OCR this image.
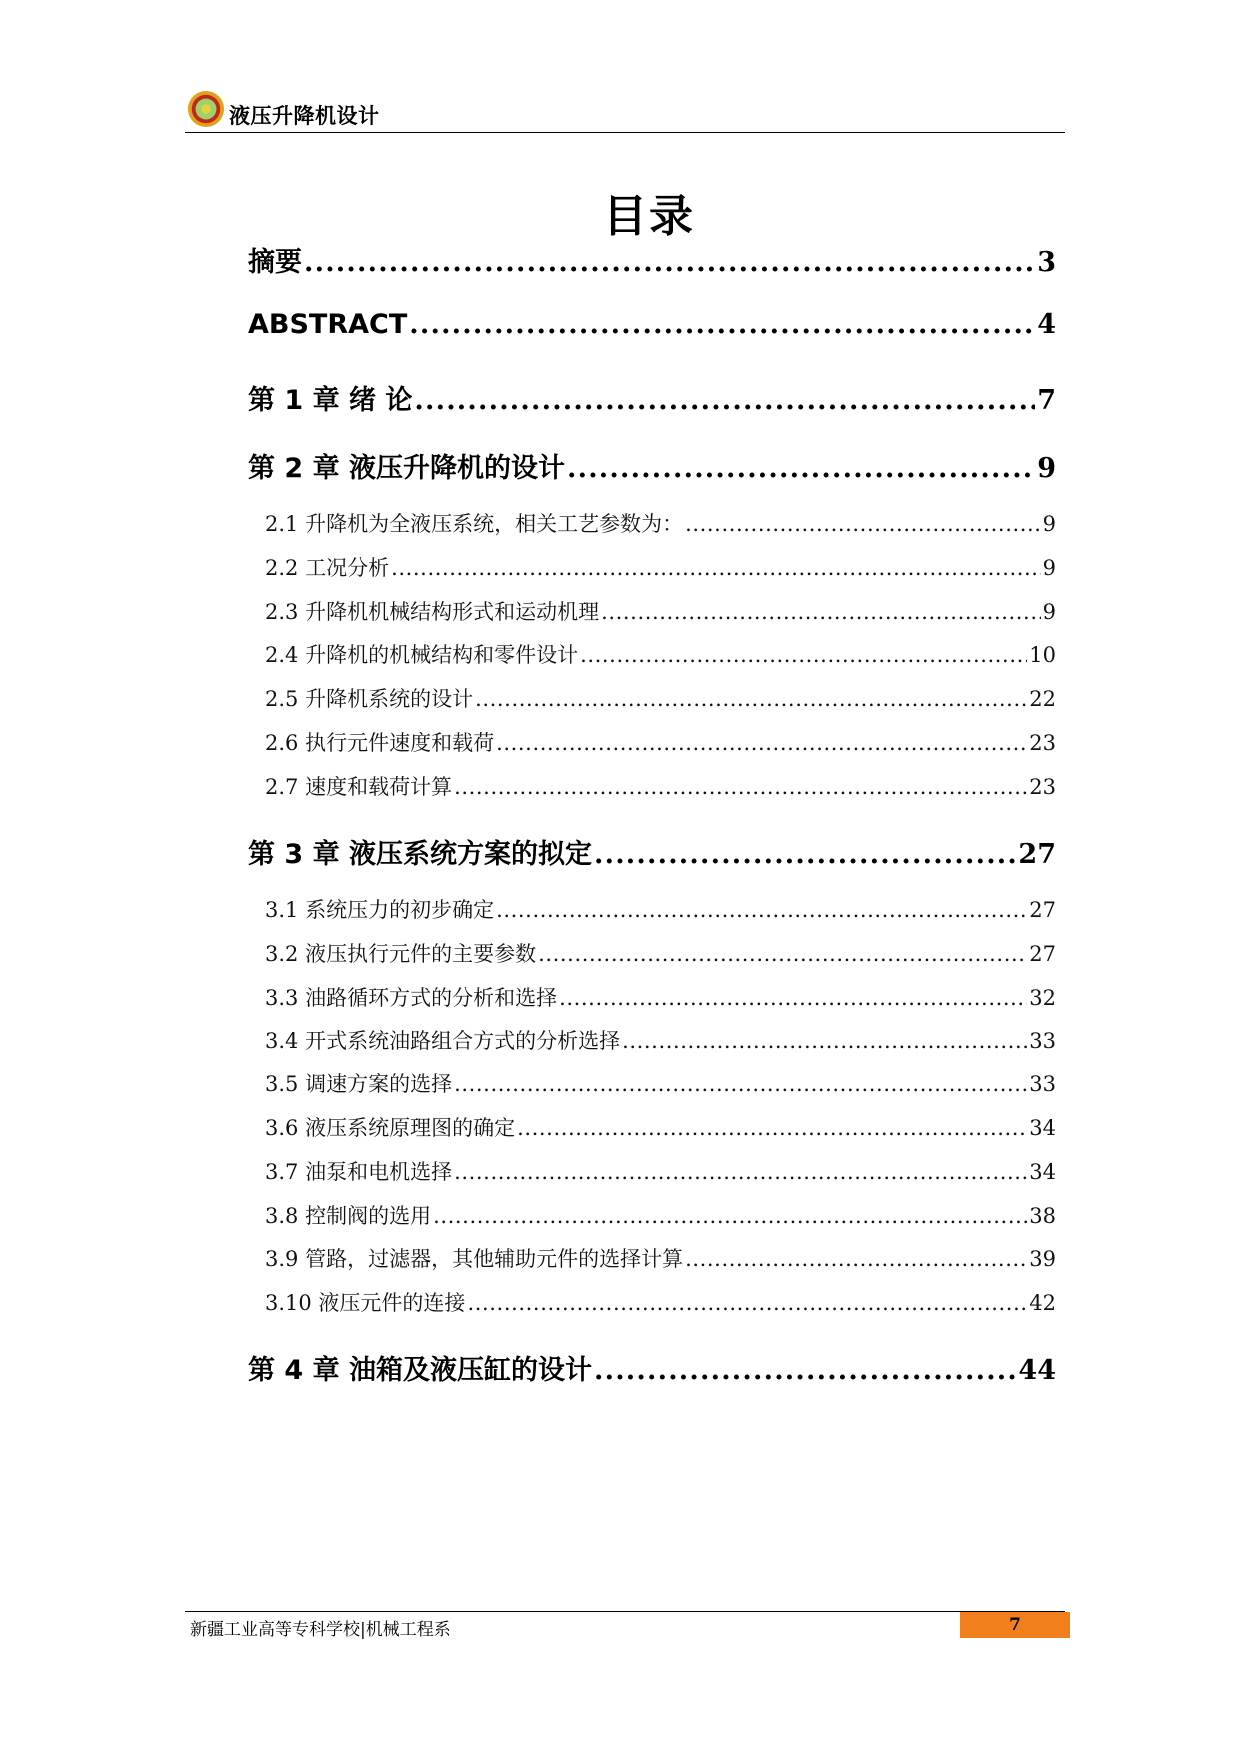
液压升降机设计
目录
摘要 .....	3
ABSTRACT .....	4
第 1 章 绪 论 .....	7
第 2 章 液压升降机的设计 .....	9
2.1 升降机为全液压系统，相关工艺参数为： .....	9
2.2 工况分析 .....	9
2.3 升降机机械结构形式和运动机理 .....	9
2.4 升降机的机械结构和零件设计 .....	10
2.5 升降机系统的设计 .....	22
2.6 执行元件速度和载荷 .....	23
2.7 速度和载荷计算 .....	23
第 3 章 液压系统方案的拟定 .....	27
3.1 系统压力的初步确定 .....	27
3.2 液压执行元件的主要参数 .....	27
3.3 油路循环方式的分析和选择 .....	32
3.4 开式系统油路组合方式的分析选择 .....	33
3.5 调速方案的选择 .....	33
3.6 液压系统原理图的确定 .....	34
3.7 油泵和电机选择 .....	34
3.8 控制阀的选用 .....	38
3.9 管路，过滤器，其他辅助元件的选择计算 .....	39
3.10 液压元件的连接 .....	42
第 4 章 油箱及液压缸的设计 .....	44
新疆工业高等专科学校|机械工程系	7
